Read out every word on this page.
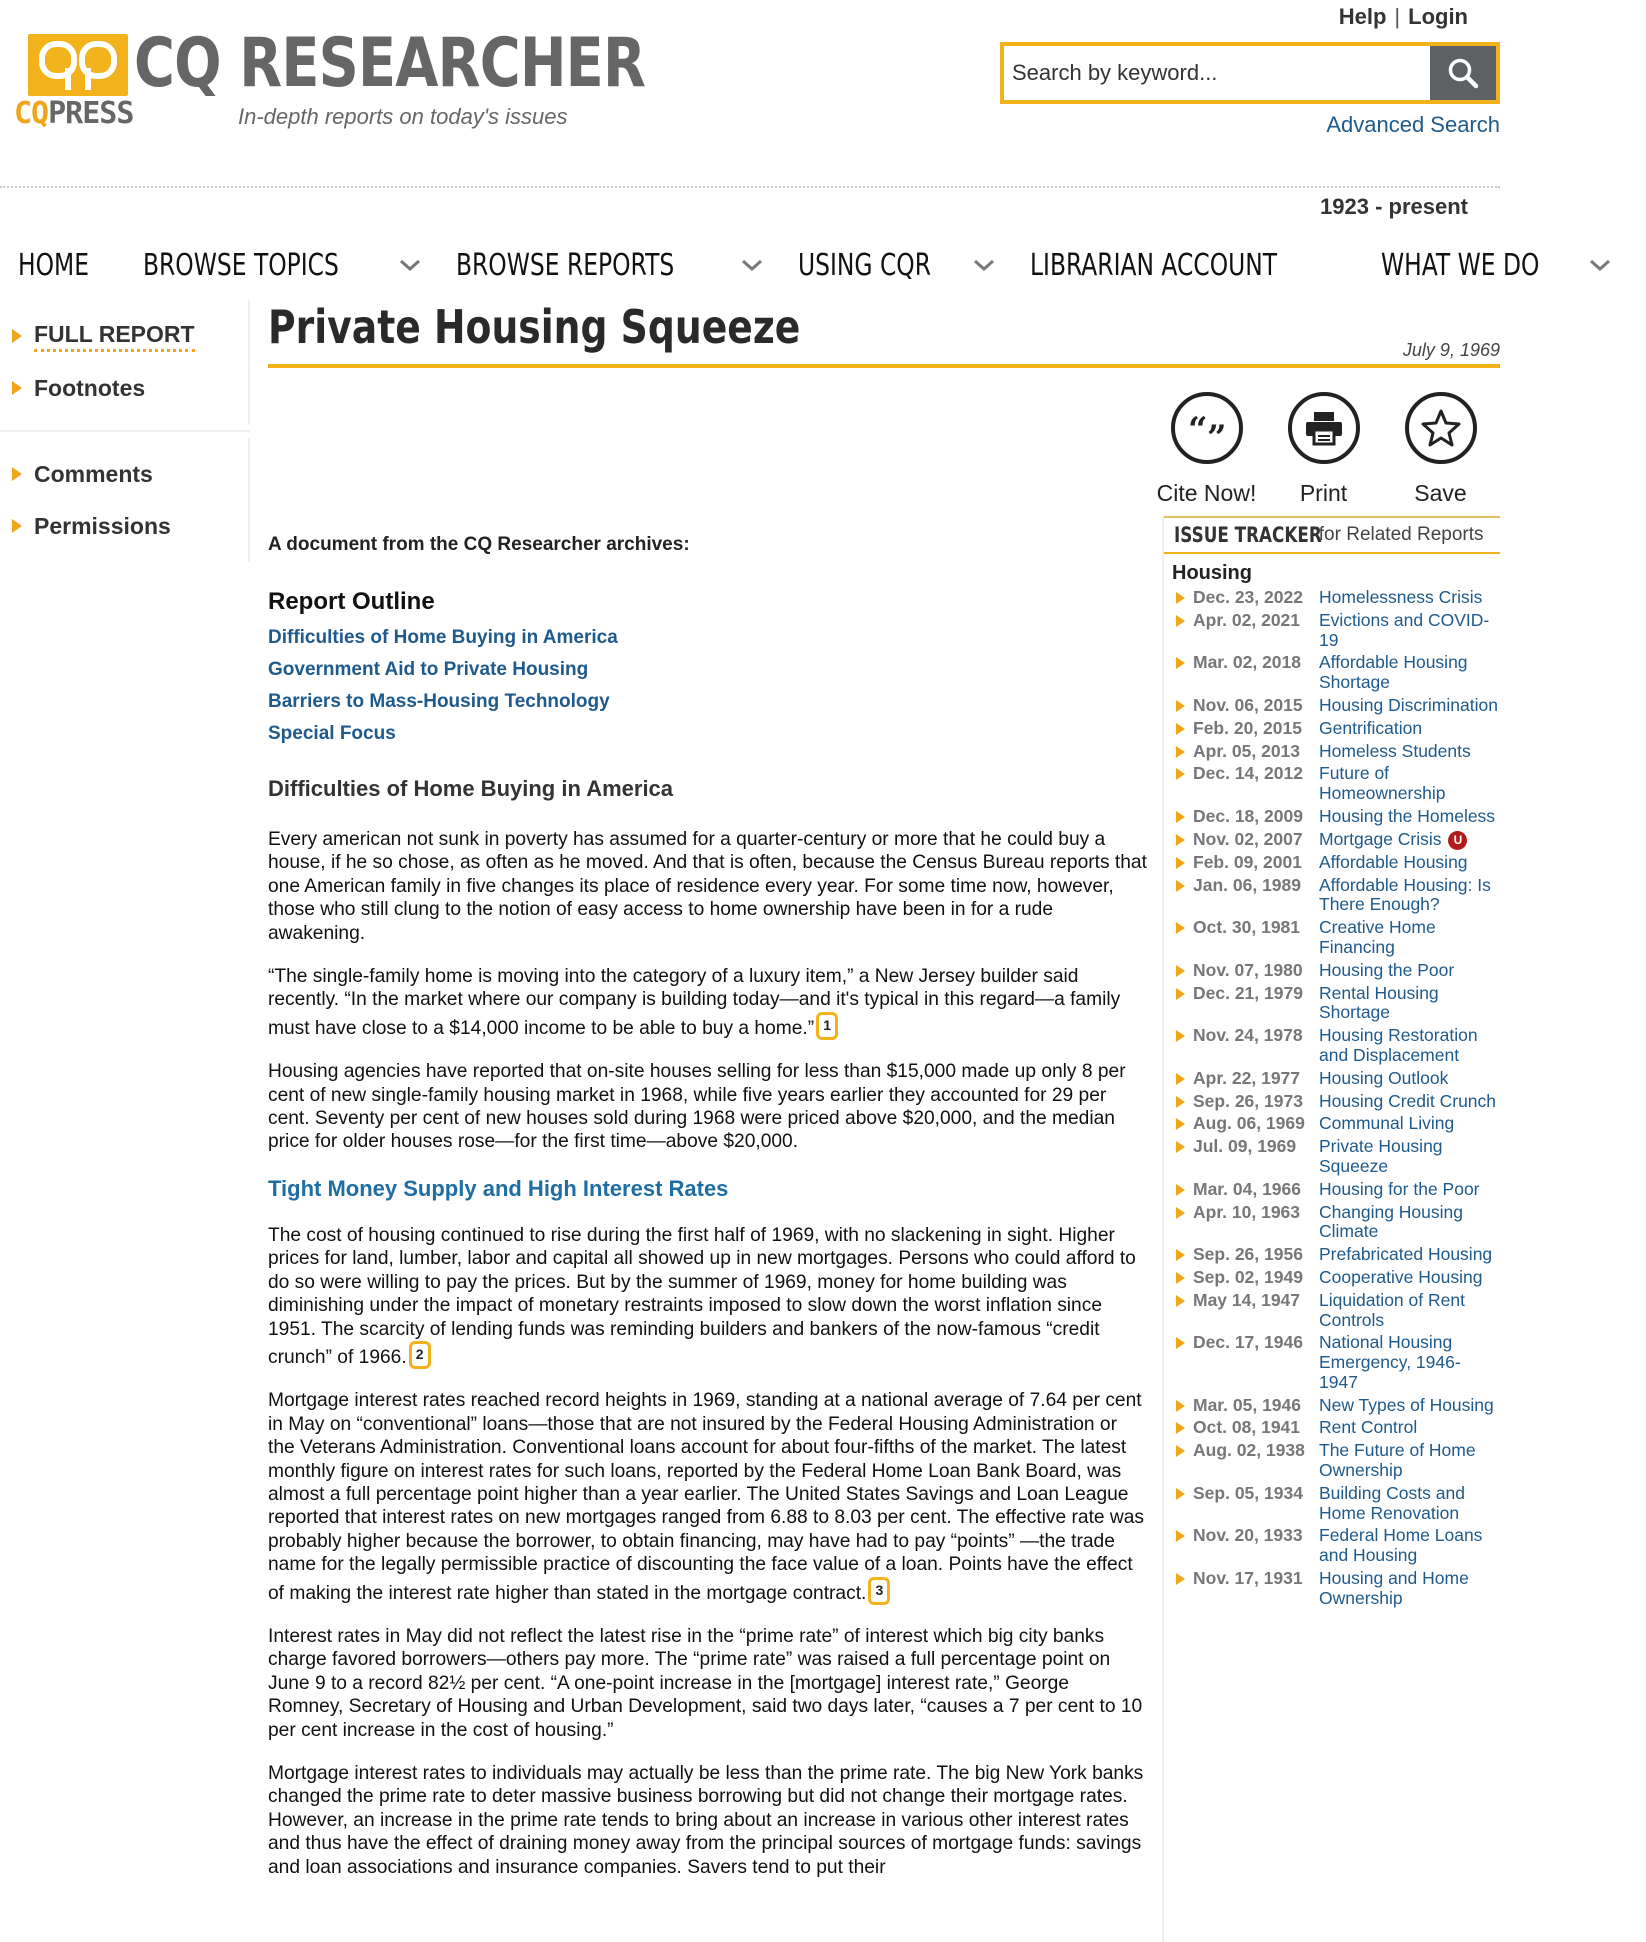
Help | Login
CQPRESS
CQ RESEARCHER
In-depth reports on today's issues
Search by keyword...	Advanced Search
1923 - present
HOME BROWSE TOPICS	BROWSE REPORTS	USING CQR	LIBRARIAN ACCOUNT	WHAT WE DO
FULL REPORT
Footnotes
Comments
Permissions
Private Housing Squeeze	July 9, 1969
“ ”
Cite Now! Print	Save
A document from the CQ Researcher archives:
Report Outline
Difficulties of Home Buying in America
Government Aid to Private Housing
Barriers to Mass-Housing Technology
Special Focus
Difficulties of Home Buying in America

Every american not sunk in poverty has assumed for a quarter-century or more that he could buy a house, if he so chose, as often as he moved. And that is often, because the Census Bureau reports that one American family in five changes its place of residence every year. For some time now, however, those who still clung to the notion of easy access to home ownership have been in for a rude awakening.

“The single-family home is moving into the category of a luxury item,” a New Jersey builder said recently. “In the market where our company is building today—and it's typical in this regard—a family must have close to a $14,000 income to be able to buy a home.” 1

Housing agencies have reported that on-site houses selling for less than $15,000 made up only 8 per cent of new single-family housing market in 1968, while five years earlier they accounted for 29 per cent. Seventy per cent of new houses sold during 1968 were priced above $20,000, and the median price for older houses rose—for the first time—above $20,000.

Tight Money Supply and High Interest Rates

The cost of housing continued to rise during the first half of 1969, with no slackening in sight. Higher prices for land, lumber, labor and capital all showed up in new mortgages. Persons who could afford to do so were willing to pay the prices. But by the summer of 1969, money for home building was diminishing under the impact of monetary restraints imposed to slow down the worst inflation since 1951. The scarcity of lending funds was reminding builders and bankers of the now-famous “credit crunch” of 1966. 2

Mortgage interest rates reached record heights in 1969, standing at a national average of 7.64 per cent in May on “conventional” loans—those that are not insured by the Federal Housing Administration or the Veterans Administration. Conventional loans account for about four-fifths of the market. The latest monthly figure on interest rates for such loans, reported by the Federal Home Loan Bank Board, was almost a full percentage point higher than a year earlier. The United States Savings and Loan League reported that interest rates on new mortgages ranged from 6.88 to 8.03 per cent. The effective rate was probably higher because the borrower, to obtain financing, may have had to pay “points” —the trade name for the legally permissible practice of discounting the face value of a loan. Points have the effect of making the interest rate higher than stated in the mortgage contract. 3

Interest rates in May did not reflect the latest rise in the “prime rate” of interest which big city banks charge favored borrowers—others pay more. The “prime rate” was raised a full percentage point on June 9 to a record 82½ per cent. “A one-point increase in the [mortgage] interest rate,” George Romney, Secretary of Housing and Urban Development, said two days later, “causes a 7 per cent to 10 per cent increase in the cost of housing.”

Mortgage interest rates to individuals may actually be less than the prime rate. The big New York banks changed the prime rate to deter massive business borrowing but did not change their mortgage rates. However, an increase in the prime rate tends to bring about an increase in various other interest rates and thus have the effect of draining money away from the principal sources of mortgage funds: savings and loan associations and insurance companies. Savers tend to put their

ISSUE TRACKER
for Related Reports
Housing
Dec. 23, 2022 Homelessness Crisis
Apr. 02, 2021	Evictions and COVID-19
Mar. 02, 2018	Affordable Housing Shortage
Nov. 06, 2015 Housing Discrimination
Feb. 20, 2015 Gentrification
Apr. 05, 2013	Homeless Students
Dec. 14, 2012 Future of Homeownership
Dec. 18, 2009 Housing the Homeless
Nov. 02, 2007 Mortgage Crisis U
Feb. 09, 2001 Affordable Housing
Jan. 06, 1989	Affordable Housing: Is There Enough?
Oct. 30, 1981	Creative Home Financing
Nov. 07, 1980 Housing the Poor
Dec. 21, 1979 Rental Housing Shortage
Nov. 24, 1978 Housing Restoration and Displacement
Apr. 22, 1977	Housing Outlook
Sep. 26, 1973 Housing Credit Crunch
Aug. 06, 1969 Communal Living
Jul. 09, 1969	Private Housing Squeeze
Mar. 04, 1966	Housing for the Poor
Apr. 10, 1963	Changing Housing Climate
Sep. 26, 1956 Prefabricated Housing
Sep. 02, 1949 Cooperative Housing
May 14, 1947	Liquidation of Rent Controls
Dec. 17, 1946 National Housing Emergency, 1946-1947
Mar. 05, 1946	New Types of Housing
Oct. 08, 1941	Rent Control
Aug. 02, 1938 The Future of Home Ownership
Sep. 05, 1934 Building Costs and Home Renovation
Nov. 20, 1933 Federal Home Loans and Housing
Nov. 17, 1931 Housing and Home Ownership
